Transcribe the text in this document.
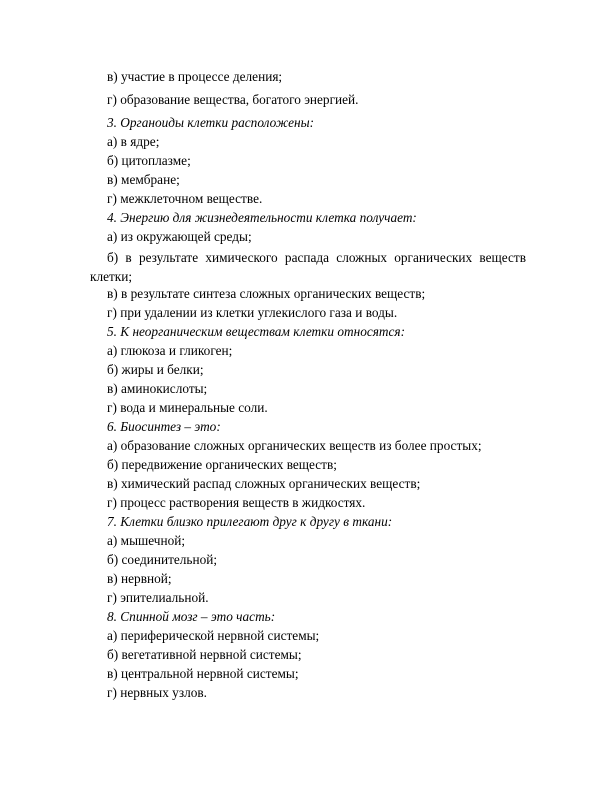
в) участие в процессе деления;
г) образование вещества, богатого энергией.
3. Органоиды клетки расположены:
а) в ядре;
б) цитоплазме;
в) мембране;
г) межклеточном веществе.
4. Энергию для жизнедеятельности клетка получает:
а) из окружающей среды;
б) в результате химического распада сложных органических веществ клетки;
в) в результате синтеза сложных органических веществ;
г) при удалении из клетки углекислого газа и воды.
5. К неорганическим веществам клетки относятся:
а) глюкоза и гликоген;
б) жиры и белки;
в) аминокислоты;
г) вода и минеральные соли.
6. Биосинтез – это:
а) образование сложных органических веществ из более простых;
б) передвижение органических веществ;
в) химический распад сложных органических веществ;
г) процесс растворения веществ в жидкостях.
7. Клетки близко прилегают друг к другу в ткани:
а) мышечной;
б) соединительной;
в) нервной;
г) эпителиальной.
8. Спинной мозг – это часть:
а) периферической нервной системы;
б) вегетативной нервной системы;
в) центральной нервной системы;
г) нервных узлов.
